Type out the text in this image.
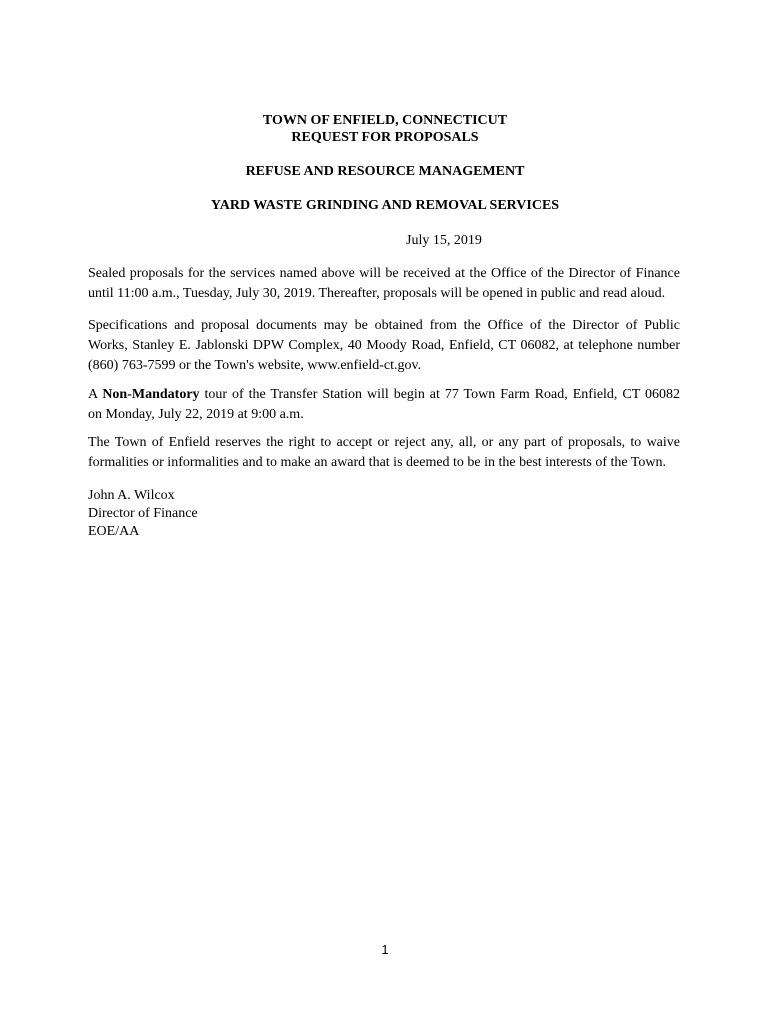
TOWN OF ENFIELD, CONNECTICUT
REQUEST FOR PROPOSALS
REFUSE AND RESOURCE MANAGEMENT
YARD WASTE GRINDING AND REMOVAL SERVICES
July 15, 2019
Sealed proposals for the services named above will be received at the Office of the Director of Finance
until 11:00 a.m., Tuesday, July 30, 2019. Thereafter, proposals will be opened in public and read aloud.
Specifications and proposal documents may be obtained from the Office of the Director of Public
Works, Stanley E. Jablonski DPW Complex, 40 Moody Road, Enfield, CT 06082, at telephone number
(860) 763-7599 or the Town's website, www.enfield-ct.gov.
A Non-Mandatory tour of the Transfer Station will begin at 77 Town Farm Road, Enfield, CT 06082
on Monday, July 22, 2019 at 9:00 a.m.
The Town of Enfield reserves the right to accept or reject any, all, or any part of proposals, to waive
formalities or informalities and to make an award that is deemed to be in the best interests of the Town.
John A. Wilcox
Director of Finance
EOE/AA
1
